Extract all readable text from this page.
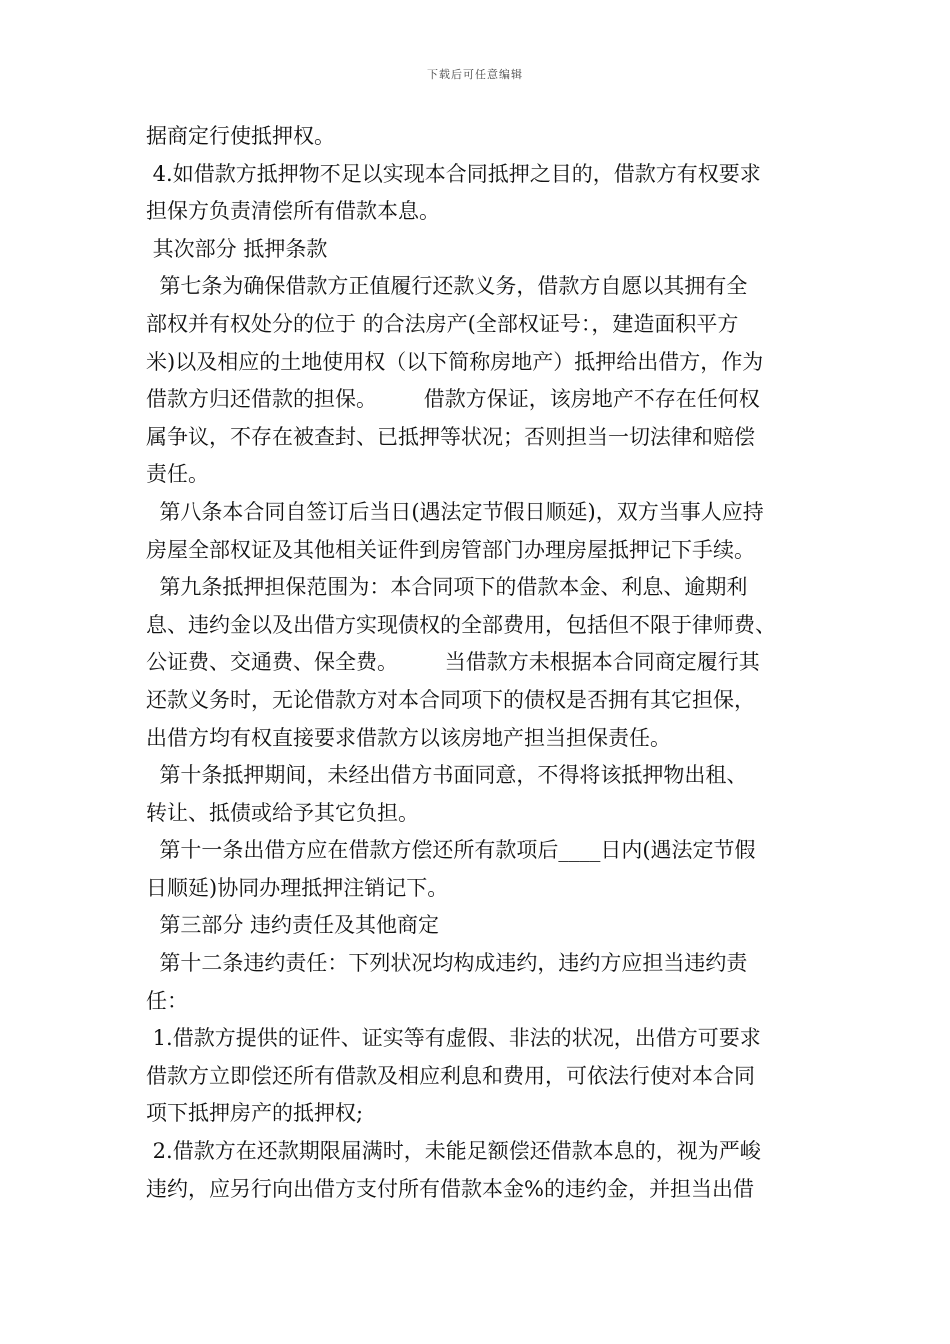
下载后可任意编辑
据商定行使抵押权。
4.如借款方抵押物不足以实现本合同抵押之目的，借款方有权要求
担保方负责清偿所有借款本息。
其次部分 抵押条款
第七条为确保借款方正值履行还款义务，借款方自愿以其拥有全
部权并有权处分的位于 的合法房产(全部权证号：，建造面积平方
米)以及相应的土地使用权（以下简称房地产）抵押给出借方，作为
借款方归还借款的担保。       借款方保证，该房地产不存在任何权
属争议，不存在被查封、已抵押等状况；否则担当一切法律和赔偿
责任。
第八条本合同自签订后当日(遇法定节假日顺延)，双方当事人应持
房屋全部权证及其他相关证件到房管部门办理房屋抵押记下手续。
第九条抵押担保范围为：本合同项下的借款本金、利息、逾期利
息、违约金以及出借方实现债权的全部费用，包括但不限于律师费、
公证费、交通费、保全费。       当借款方未根据本合同商定履行其
还款义务时，无论借款方对本合同项下的债权是否拥有其它担保，
出借方均有权直接要求借款方以该房地产担当担保责任。
第十条抵押期间，未经出借方书面同意，不得将该抵押物出租、
转让、抵债或给予其它负担。
第十一条出借方应在借款方偿还所有款项后____日内(遇法定节假
日顺延)协同办理抵押注销记下。
第三部分 违约责任及其他商定
第十二条违约责任：下列状况均构成违约，违约方应担当违约责
任：
1.借款方提供的证件、证实等有虚假、非法的状况，出借方可要求
借款方立即偿还所有借款及相应利息和费用，可依法行使对本合同
项下抵押房产的抵押权;
2.借款方在还款期限届满时，未能足额偿还借款本息的，视为严峻
违约，应另行向出借方支付所有借款本金%的违约金，并担当出借
